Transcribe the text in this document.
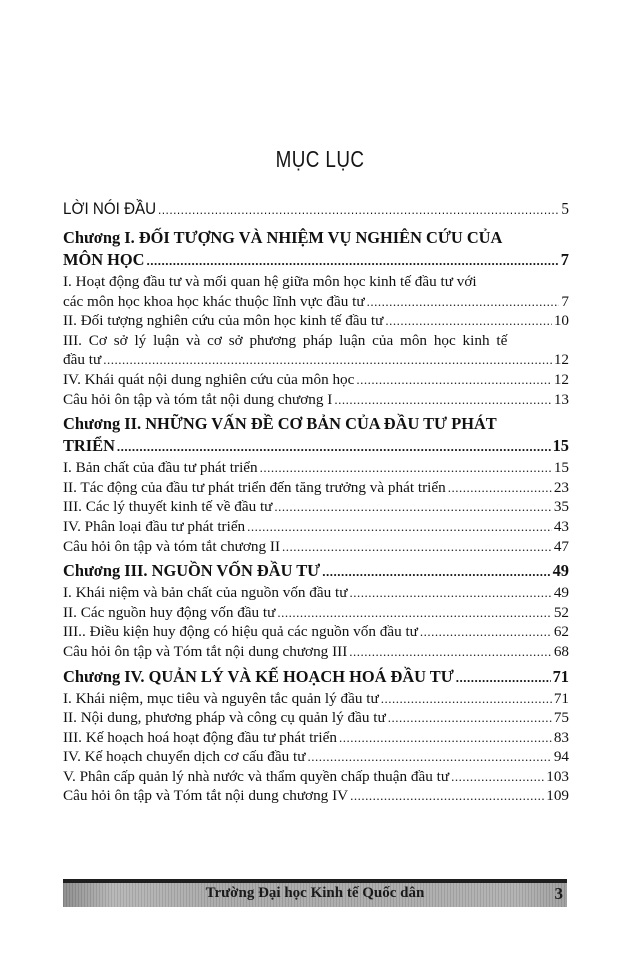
MỤC LỤC
LỜI NÓI ĐẦU .....	5
Chương I. ĐỐI TƯỢNG VÀ NHIỆM VỤ NGHIÊN CỨU CỦA
MÔN HỌC .....	7
I. Hoạt động đầu tư và mối quan hệ giữa môn học kinh tế đầu tư với
các môn học khoa học khác thuộc lĩnh vực đầu tư .....	7
II. Đối tượng nghiên cứu của môn học kinh tế đầu tư .....	10
III. Cơ sở lý luận và cơ sở phương pháp luận của môn học kinh tế
đầu tư .....	12
IV. Khái quát nội dung nghiên cứu của môn học .....	12
Câu hỏi ôn tập và tóm tắt nội dung chương I .....	13
Chương II. NHỮNG VẤN ĐỀ CƠ BẢN CỦA ĐẦU TƯ PHÁT
TRIỂN .....	15
I. Bản chất của đầu tư phát triển .....	15
II. Tác động của đầu tư phát triển đến tăng trưởng và phát triển .....	23
III. Các lý thuyết kinh tế về đầu tư .....	35
IV. Phân loại đầu tư phát triển .....	43
Câu hỏi ôn tập và tóm tắt chương II .....	47
Chương III. NGUỒN VỐN ĐẦU TƯ .....	49
I. Khái niệm và bản chất của nguồn vốn đầu tư .....	49
II. Các nguồn huy động vốn đầu tư .....	52
III.. Điều kiện huy động có hiệu quả các nguồn vốn đầu tư .....	62
Câu hỏi ôn tập và Tóm tắt nội dung chương III .....	68
Chương IV. QUẢN LÝ VÀ KẾ HOẠCH HOÁ ĐẦU TƯ .....	71
I. Khái niệm, mục tiêu và nguyên tắc quản lý đầu tư .....	71
II. Nội dung, phương pháp và công cụ quản lý đầu tư .....	75
III. Kế hoạch hoá hoạt động đầu tư phát triển .....	83
IV. Kế hoạch chuyển dịch cơ cấu đầu tư .....	94
V. Phân cấp quản lý nhà nước và thẩm quyền chấp thuận đầu tư .....	103
Câu hỏi ôn tập và Tóm tắt nội dung chương IV .....	109
Trường Đại học Kinh tế Quốc dân	3
